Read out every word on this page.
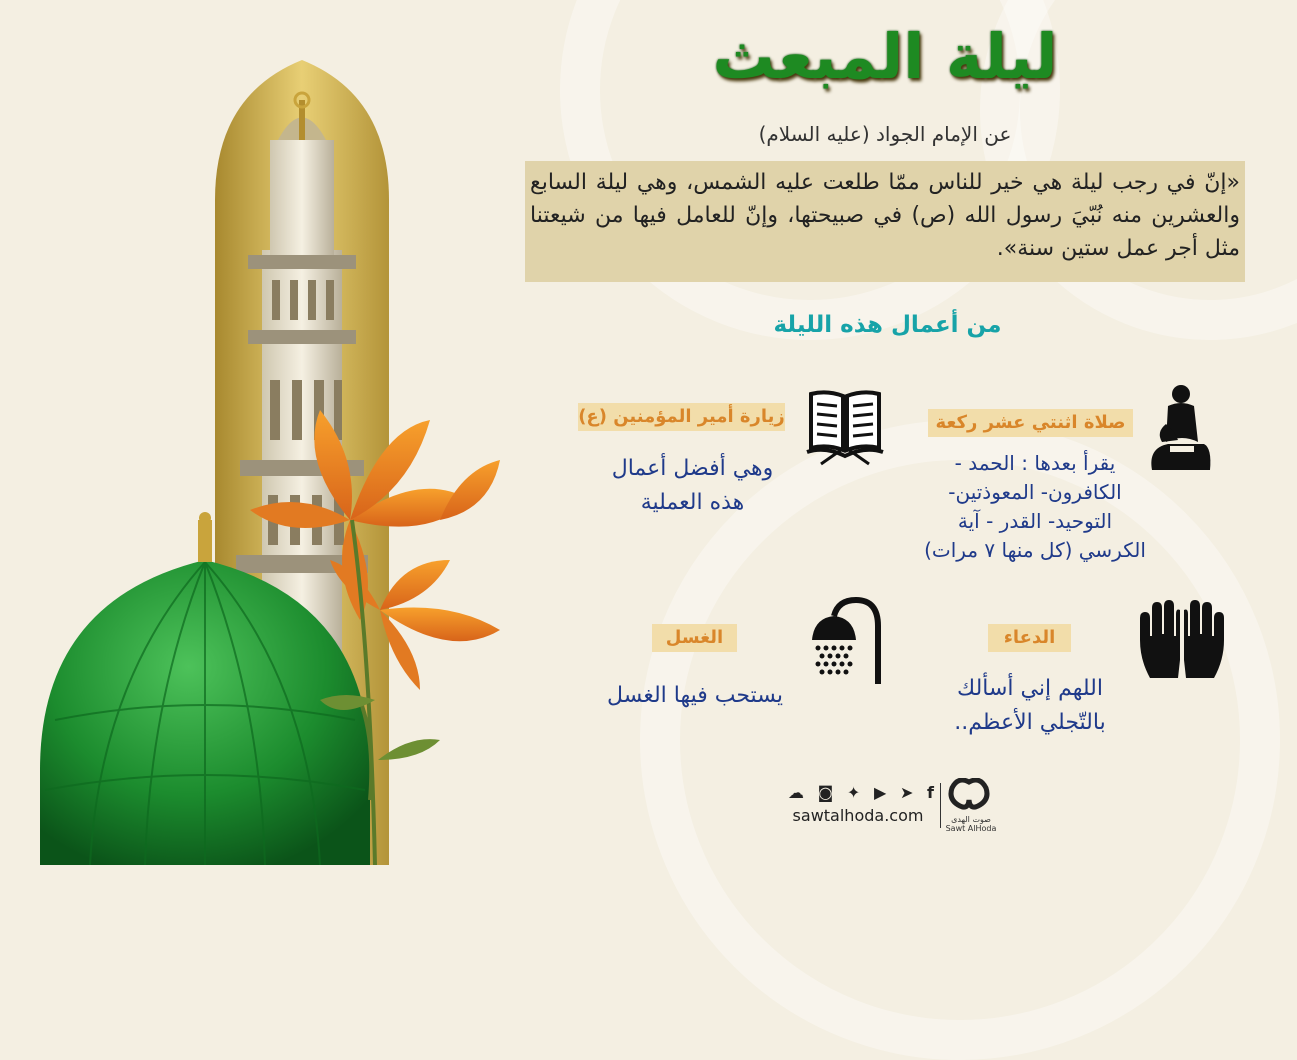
ليلة المبعث
عن الإمام الجواد (عليه السلام)
«إنّ في رجب ليلة هي خير للناس ممّا طلعت عليه الشمس، وهي ليلة السابع والعشرين منه نُبّيَ رسول الله (ص) في صبيحتها، وإنّ للعامل فيها من شيعتنا مثل أجر عمل ستين سنة».
من أعمال هذه الليلة
صلاة اثنتي عشر ركعة
يقرأ بعدها : الحمد -
الكافرون- المعوذتين-
التوحيد- القدر - آية
الكرسي (كل منها ٧ مرات)
زيارة أمير المؤمنين (ع)
وهي أفضل أعمال
هذه العملية
الدعاء
اللهم إني أسألك
بالتّجلي الأعظم..
الغسل
يستحب فيها الغسل
☁ ◙ ✦ ▶ ➤ f
sawtalhoda.com	صوت الهدى
Sawt AlHoda
